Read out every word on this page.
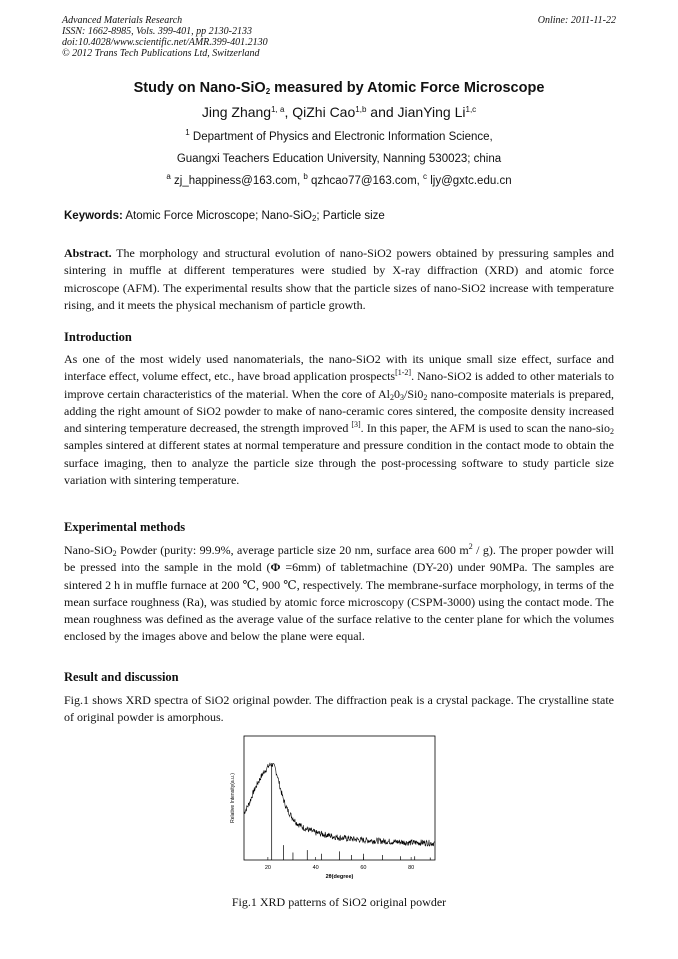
Advanced Materials Research
ISSN: 1662-8985, Vols. 399-401, pp 2130-2133
doi:10.4028/www.scientific.net/AMR.399-401.2130
© 2012 Trans Tech Publications Ltd, Switzerland
Online: 2011-11-22
Study on Nano-SiO$_2$ measured by Atomic Force Microscope
Jing Zhang$^{1, a}$, QiZhi Cao$^{1,b}$ and JianYing Li$^{1,c}$
$^1$ Department of Physics and Electronic Information Science,
Guangxi Teachers Education University, Nanning 530023; china
$^a$ zj_happiness@163.com, $^b$ qzhcao77@163.com, $^c$ ljy@gxtc.edu.cn
Keywords: Atomic Force Microscope; Nano-SiO$_2$; Particle size
Abstract. The morphology and structural evolution of nano-SiO2 powers obtained by pressuring samples and sintering in muffle at different temperatures were studied by X-ray diffraction (XRD) and atomic force microscope (AFM). The experimental results show that the particle sizes of nano-SiO2 increase with temperature rising, and it meets the physical mechanism of particle growth.
Introduction
As one of the most widely used nanomaterials, the nano-SiO2 with its unique small size effect, surface and interface effect, volume effect, etc., have broad application prospects[1-2]. Nano-SiO2 is added to other materials to improve certain characteristics of the material. When the core of $Al_20_3/Si0_2$ nano-composite materials is prepared, adding the right amount of SiO2 powder to make of nano-ceramic cores sintered, the composite density increased and sintering temperature decreased, the strength improved [3]. In this paper, the AFM is used to scan the nano-sio$_2$ samples sintered at different states at normal temperature and pressure condition in the contact mode to obtain the surface imaging, then to analyze the particle size through the post-processing software to study particle size variation with sintering temperature.
Experimental methods
Nano-SiO$_2$ Powder (purity: 99.9%, average particle size 20 nm, surface area 600 $m^2 / g$). The proper powder will be pressed into the sample in the mold (Φ =6mm) of tabletmachine (DY-20) under 90MPa. The samples are sintered 2 h in muffle furnace at 200 ℃, 900 ℃, respectively. The membrane-surface morphology, in terms of the mean surface roughness (Ra), was studied by atomic force microscopy (CSPM-3000) using the contact mode. The mean roughness was defined as the average value of the surface relative to the center plane for which the volumes enclosed by the images above and below the plane were equal.
Result and discussion
Fig.1 shows XRD spectra of SiO2 original powder. The diffraction peak is a crystal package. The crystalline state of original powder is amorphous.
20	40	60	80
2θ(degree)
Relative Intensity(a.u.)
Fig.1 XRD patterns of SiO2 original powder
